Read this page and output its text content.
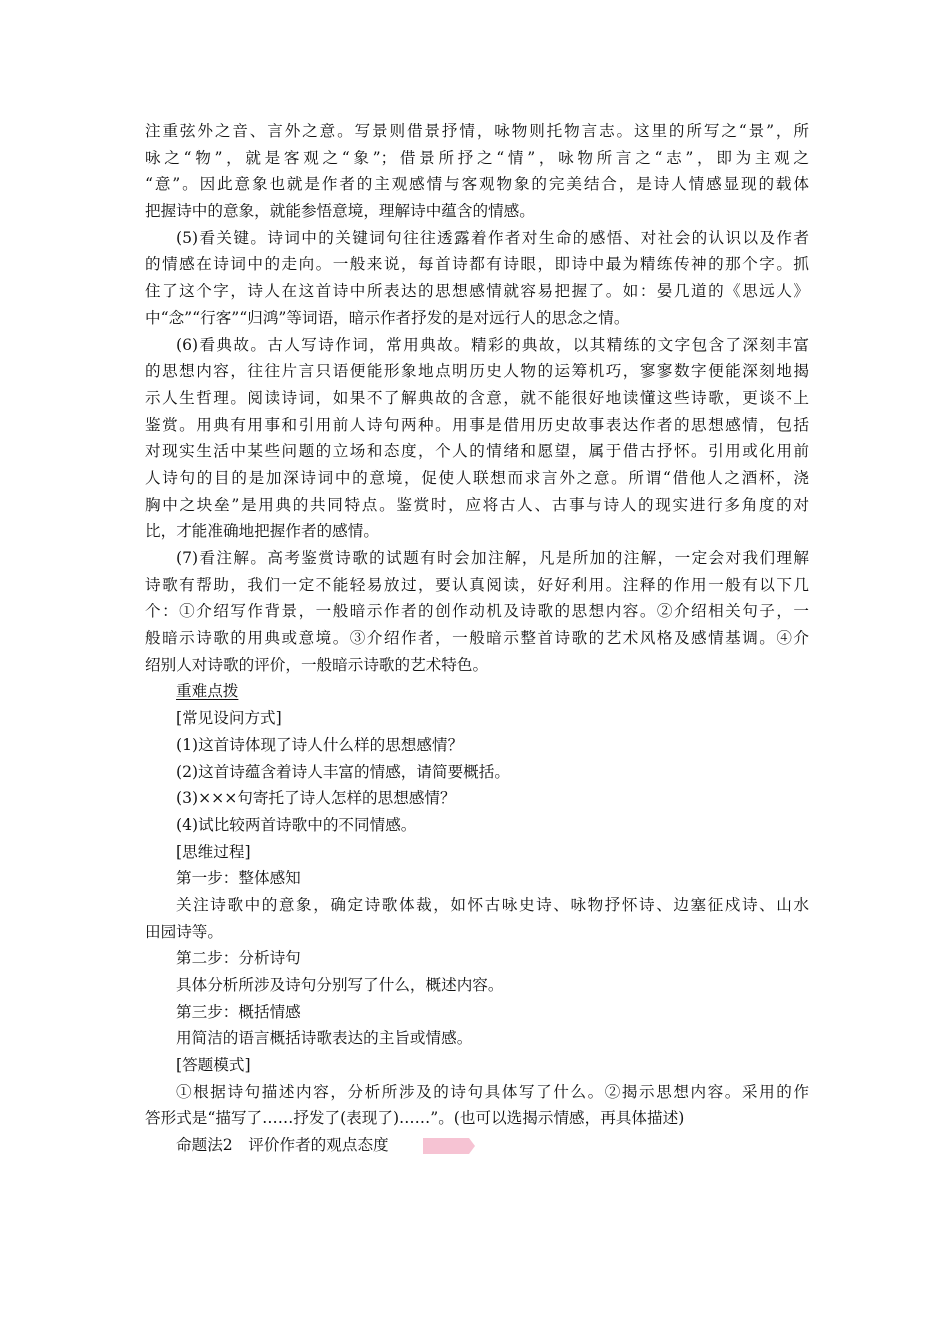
注重弦外之音、言外之意。写景则借景抒情，咏物则托物言志。这里的所写之“景”，所
咏之“物”，就是客观之“象”；借景所抒之“情”，咏物所言之“志”，即为主观之
“意”。因此意象也就是作者的主观感情与客观物象的完美结合，是诗人情感显现的载体
把握诗中的意象，就能参悟意境，理解诗中蕴含的情感。
(5)看关键。诗词中的关键词句往往透露着作者对生命的感悟、对社会的认识以及作者
的情感在诗词中的走向。一般来说，每首诗都有诗眼，即诗中最为精练传神的那个字。抓
住了这个字，诗人在这首诗中所表达的思想感情就容易把握了。如：晏几道的《思远人》
中“念”“行客”“归鸿”等词语，暗示作者抒发的是对远行人的思念之情。
(6)看典故。古人写诗作词，常用典故。精彩的典故，以其精练的文字包含了深刻丰富
的思想内容，往往片言只语便能形象地点明历史人物的运筹机巧，寥寥数字便能深刻地揭
示人生哲理。阅读诗词，如果不了解典故的含意，就不能很好地读懂这些诗歌，更谈不上
鉴赏。用典有用事和引用前人诗句两种。用事是借用历史故事表达作者的思想感情，包括
对现实生活中某些问题的立场和态度，个人的情绪和愿望，属于借古抒怀。引用或化用前
人诗句的目的是加深诗词中的意境，促使人联想而求言外之意。所谓“借他人之酒杯，浇
胸中之块垒”是用典的共同特点。鉴赏时，应将古人、古事与诗人的现实进行多角度的对
比，才能准确地把握作者的感情。
(7)看注解。高考鉴赏诗歌的试题有时会加注解，凡是所加的注解，一定会对我们理解
诗歌有帮助，我们一定不能轻易放过，要认真阅读，好好利用。注释的作用一般有以下几
个：①介绍写作背景，一般暗示作者的创作动机及诗歌的思想内容。②介绍相关句子，一
般暗示诗歌的用典或意境。③介绍作者，一般暗示整首诗歌的艺术风格及感情基调。④介
绍别人对诗歌的评价，一般暗示诗歌的艺术特色。
重难点拨
[常见设问方式]
(1)这首诗体现了诗人什么样的思想感情？
(2)这首诗蕴含着诗人丰富的情感，请简要概括。
(3)×××句寄托了诗人怎样的思想感情？
(4)试比较两首诗歌中的不同情感。
[思维过程]
第一步：整体感知
关注诗歌中的意象，确定诗歌体裁，如怀古咏史诗、咏物抒怀诗、边塞征戍诗、山水
田园诗等。
第二步：分析诗句
具体分析所涉及诗句分别写了什么，概述内容。
第三步：概括情感
用简洁的语言概括诗歌表达的主旨或情感。
[答题模式]
①根据诗句描述内容，分析所涉及的诗句具体写了什么。②揭示思想内容。采用的作
答形式是“描写了……抒发了(表现了)……”。(也可以选揭示情感，再具体描述)
命题法2　评价作者的观点态度
